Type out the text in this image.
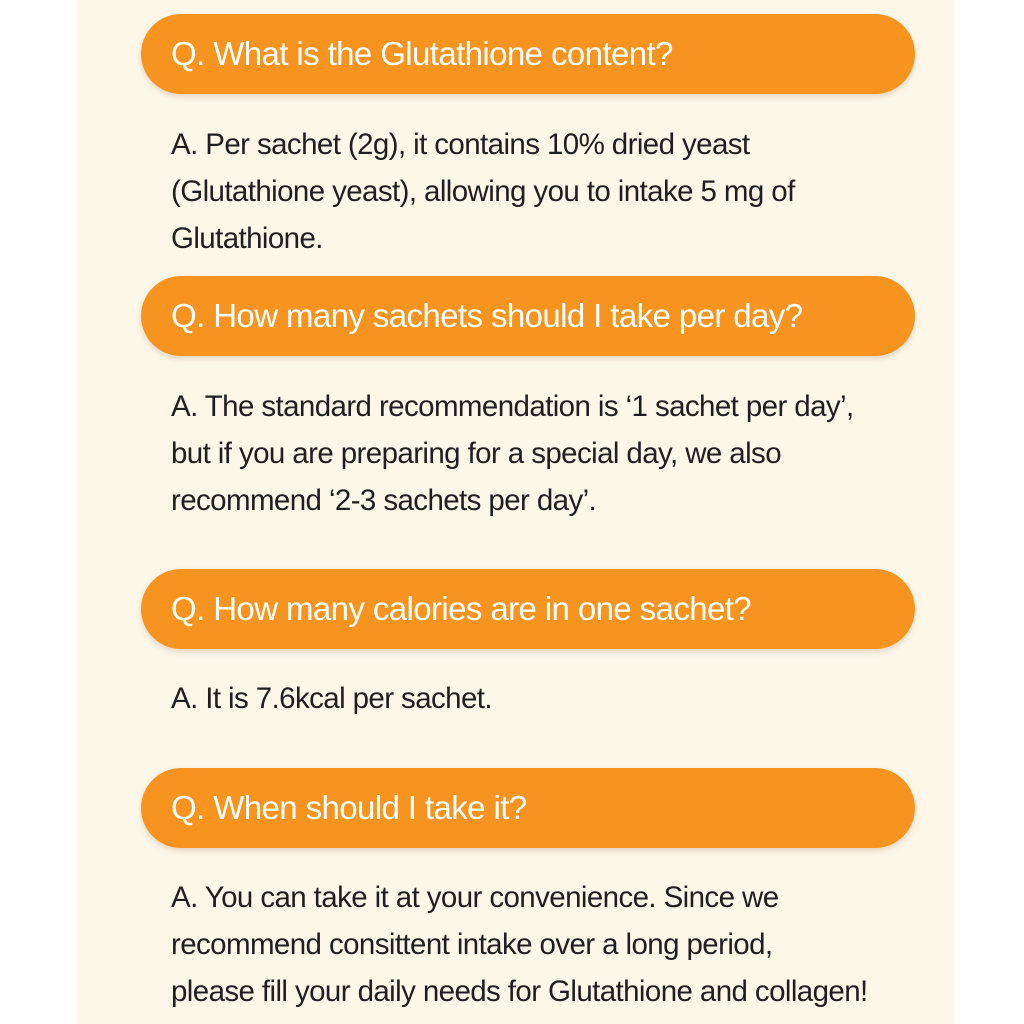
Q. What is the Glutathione content?
A. Per sachet (2g), it contains 10% dried yeast
(Glutathione yeast), allowing you to intake 5 mg of
Glutathione.
Q. How many sachets should I take per day?
A. The standard recommendation is ‘1 sachet per day’,
but if you are preparing for a special day, we also
recommend ‘2-3 sachets per day’.
Q. How many calories are in one sachet?
A. It is 7.6kcal per sachet.
Q. When should I take it?
A. You can take it at your convenience. Since we
recommend consittent intake over a long period,
please fill your daily needs for Glutathione and collagen!
